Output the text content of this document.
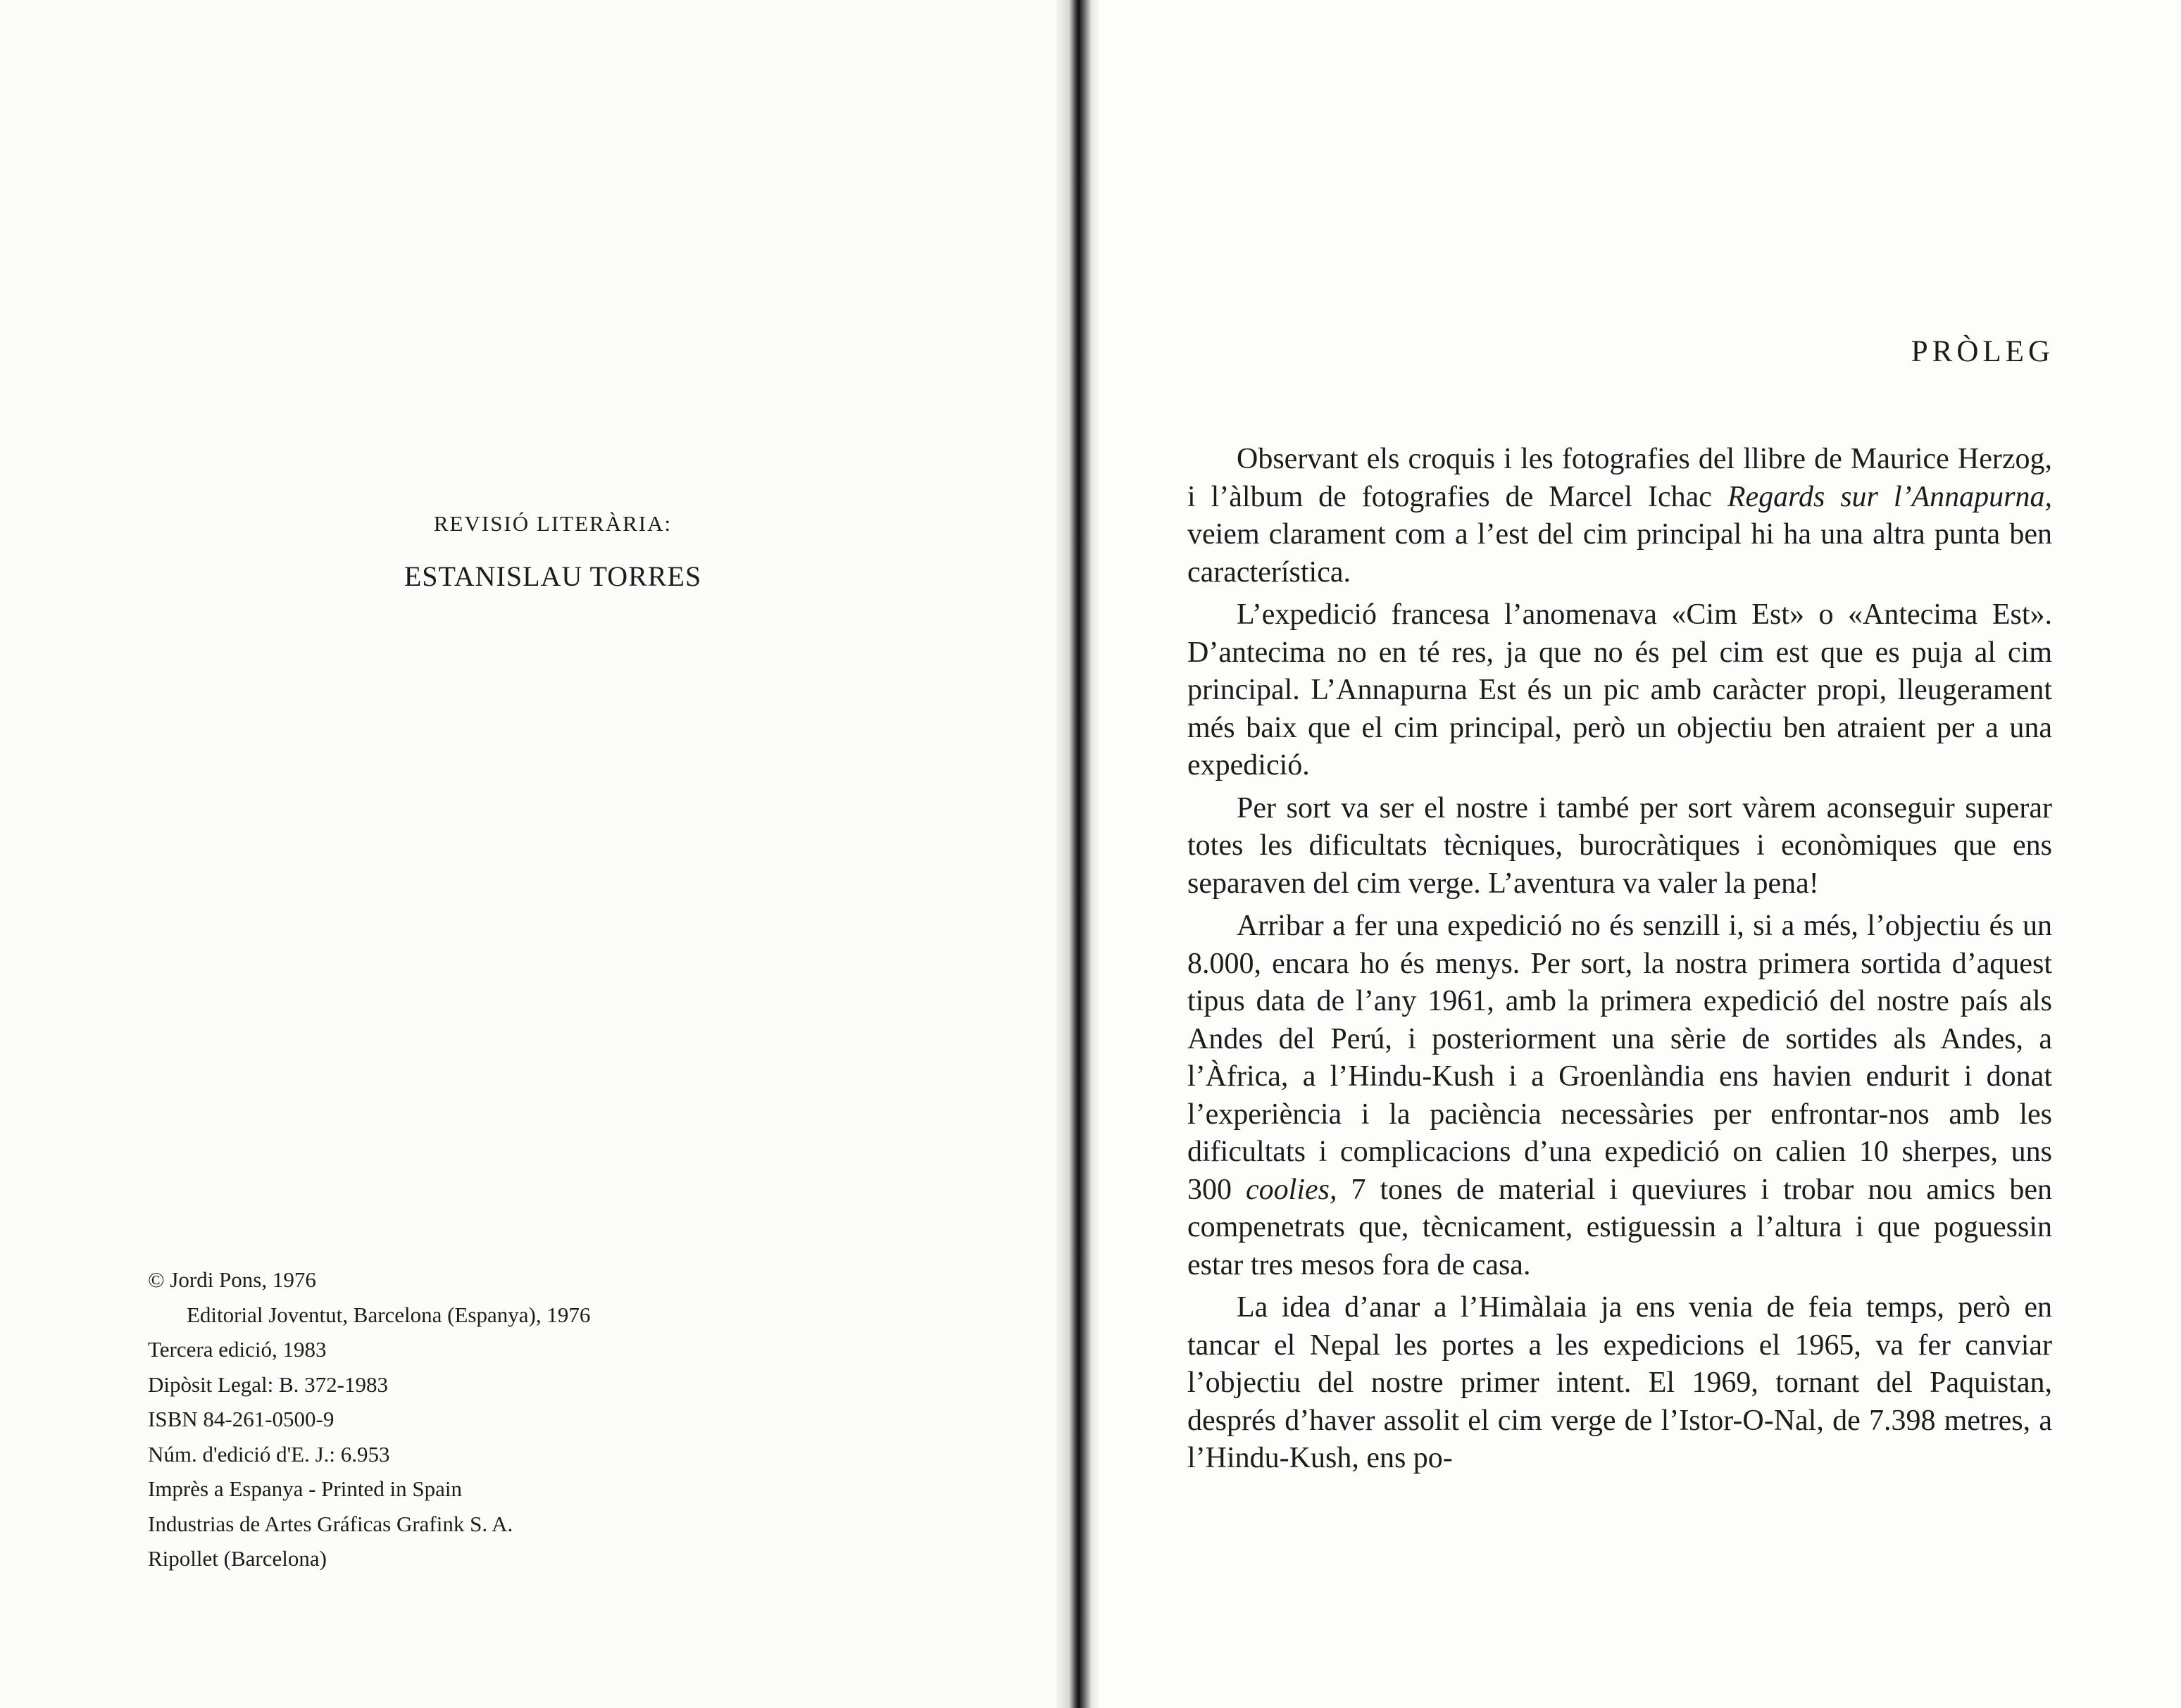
REVISIÓ LITERÀRIA:
ESTANISLAU TORRES
© Jordi Pons, 1976
Editorial Joventut, Barcelona (Espanya), 1976
Tercera edició, 1983
Dipòsit Legal: B. 372-1983
ISBN 84-261-0500-9
Núm. d'edició d'E. J.: 6.953
Imprès a Espanya - Printed in Spain
Industrias de Artes Gráficas Grafink S. A.
Ripollet (Barcelona)
PRÒLEG

Observant els croquis i les fotografies del llibre de Maurice Herzog, i l’àlbum de fotografies de Marcel Ichac Regards sur l’Annapurna, veiem clarament com a l’est del cim principal hi ha una altra punta ben característica.

L’expedició francesa l’anomenava «Cim Est» o «Antecima Est». D’antecima no en té res, ja que no és pel cim est que es puja al cim principal. L’Annapurna Est és un pic amb caràcter propi, lleugerament més baix que el cim principal, però un objectiu ben atraient per a una expedició.

Per sort va ser el nostre i també per sort vàrem aconseguir superar totes les dificultats tècniques, burocràtiques i econòmiques que ens separaven del cim verge. L’aventura va valer la pena!

Arribar a fer una expedició no és senzill i, si a més, l’objectiu és un 8.000, encara ho és menys. Per sort, la nostra primera sortida d’aquest tipus data de l’any 1961, amb la primera expedició del nostre país als Andes del Perú, i posteriorment una sèrie de sortides als Andes, a l’Àfrica, a l’Hindu-Kush i a Groenlàndia ens havien endurit i donat l’experiència i la paciència necessàries per enfrontar-nos amb les dificultats i complicacions d’una expedició on calien 10 sherpes, uns 300 coolies, 7 tones de material i queviures i trobar nou amics ben compenetrats que, tècnicament, estiguessin a l’altura i que poguessin estar tres mesos fora de casa.

La idea d’anar a l’Himàlaia ja ens venia de feia temps, però en tancar el Nepal les portes a les expedicions el 1965, va fer canviar l’objectiu del nostre primer intent. El 1969, tornant del Paquistan, després d’haver assolit el cim verge de l’Istor-O-Nal, de 7.398 metres, a l’Hindu-Kush, ens po-
